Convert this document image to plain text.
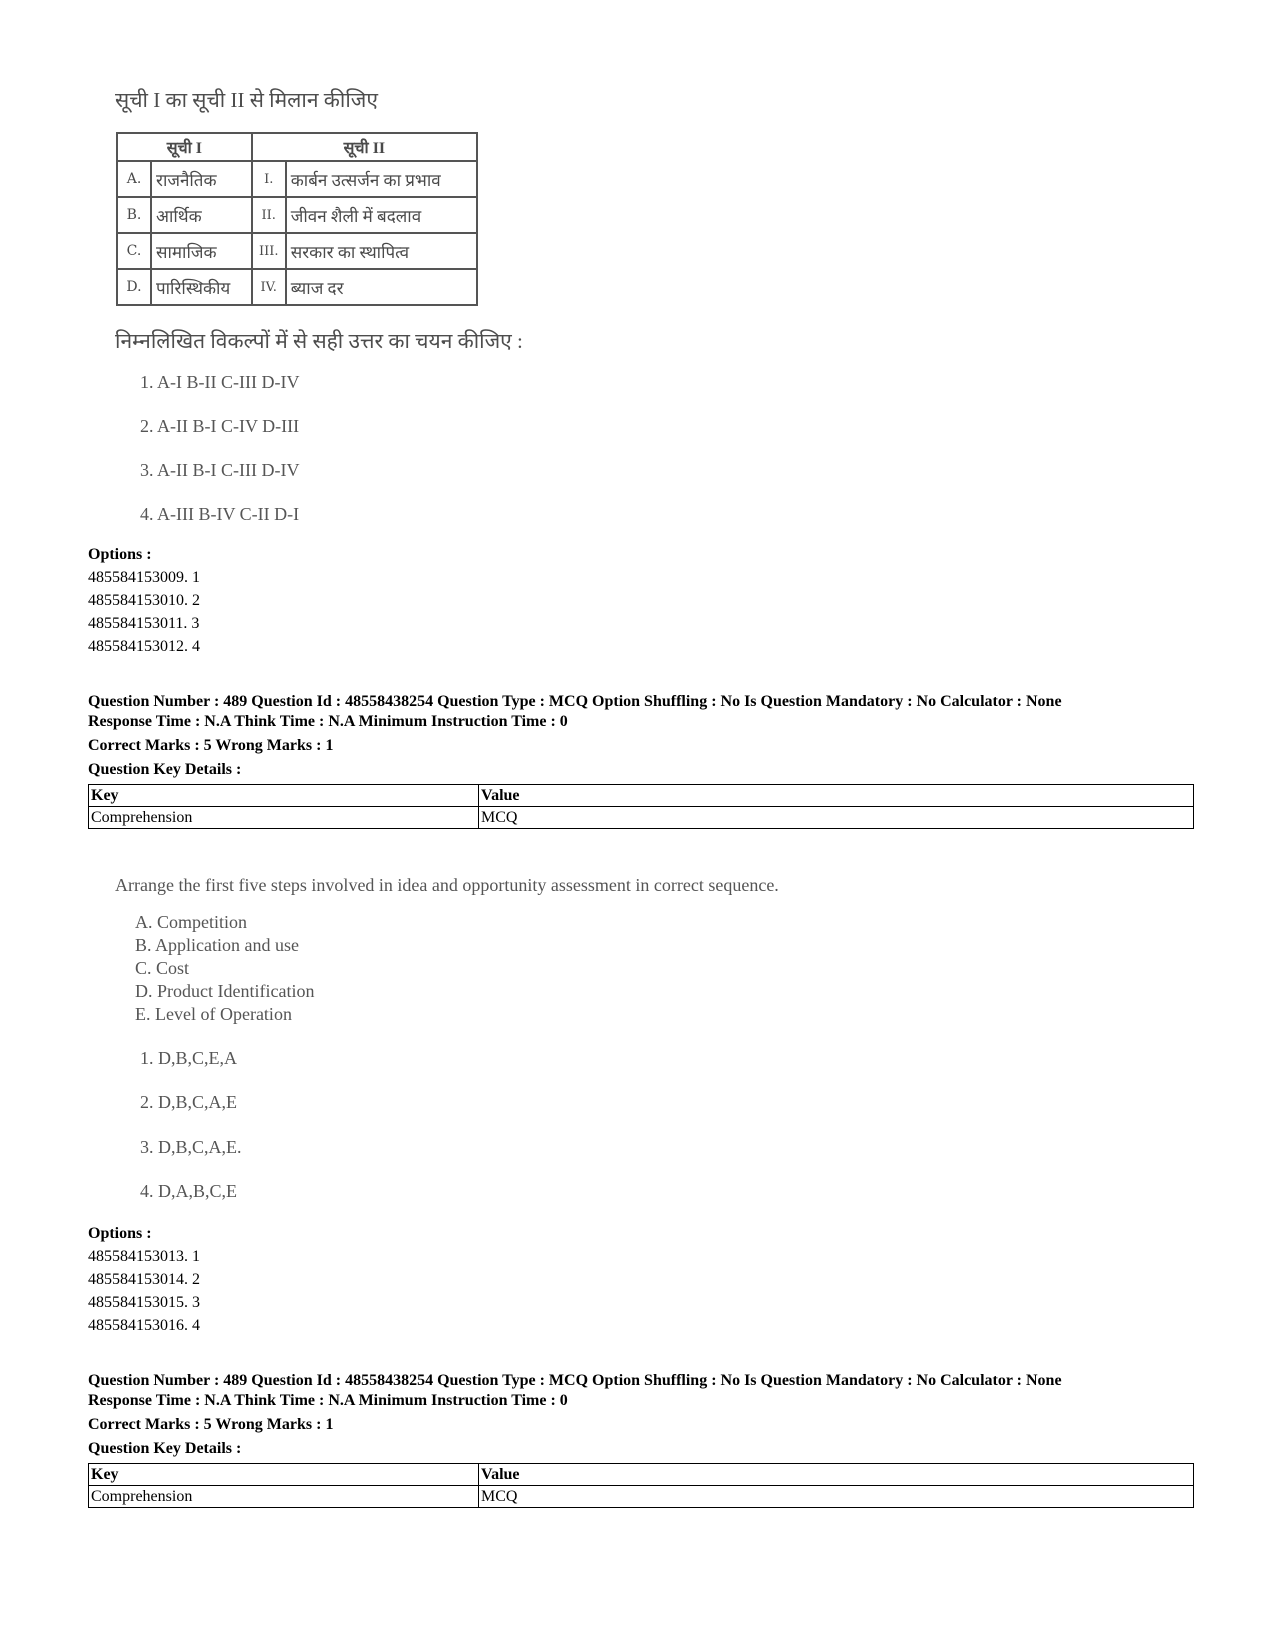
सूची I का सूची II से मिलान कीजिए
सूची I		सूची II	
A.	राजनैतिक	I.	कार्बन उत्सर्जन का प्रभाव
B.	आर्थिक	II.	जीवन शैली में बदलाव
C.	सामाजिक	III.	सरकार का स्थापित्व
D.	पारिस्थिकीय	IV.	ब्याज दर
निम्नलिखित विकल्पों में से सही उत्तर का चयन कीजिए :
1. A-I B-II C-III D-IV
2. A-II B-I C-IV D-III
3. A-II B-I C-III D-IV
4. A-III B-IV C-II D-I
Options :
485584153009. 1
485584153010. 2
485584153011. 3
485584153012. 4
Question Number : 489 Question Id : 48558438254 Question Type : MCQ Option Shuffling : No Is Question Mandatory : No Calculator : None
Response Time : N.A Think Time : N.A Minimum Instruction Time : 0
Correct Marks : 5 Wrong Marks : 1
Question Key Details :
Key	Value
Comprehension	MCQ
Arrange the first five steps involved in idea and opportunity assessment in correct sequence.
A. Competition
B. Application and use
C. Cost
D. Product Identification
E. Level of Operation
1. D,B,C,E,A
2. D,B,C,A,E
3. D,B,C,A,E.
4. D,A,B,C,E
Options :
485584153013. 1
485584153014. 2
485584153015. 3
485584153016. 4
Question Number : 489 Question Id : 48558438254 Question Type : MCQ Option Shuffling : No Is Question Mandatory : No Calculator : None
Response Time : N.A Think Time : N.A Minimum Instruction Time : 0
Correct Marks : 5 Wrong Marks : 1
Question Key Details :
Key	Value
Comprehension	MCQ
